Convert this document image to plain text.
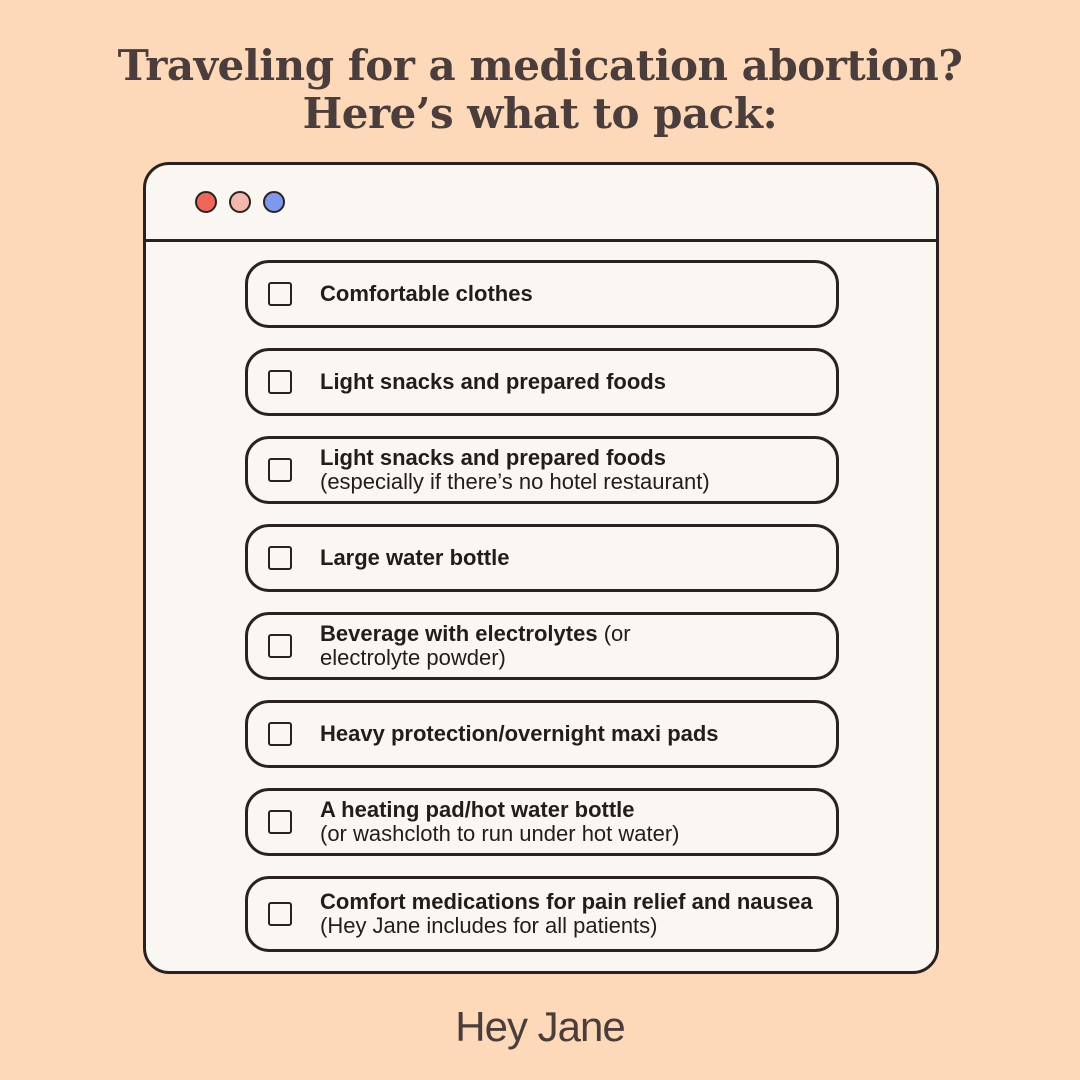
Traveling for a medication abortion?
Here’s what to pack:
Comfortable clothes
Light snacks and prepared foods
Light snacks and prepared foods
(especially if there’s no hotel restaurant)
Large water bottle
Beverage with electrolytes (or electrolyte powder)
Heavy protection/overnight maxi pads
A heating pad/hot water bottle
(or washcloth to run under hot water)
Comfort medications for pain relief and nausea (Hey Jane includes for all patients)
Hey Jane
